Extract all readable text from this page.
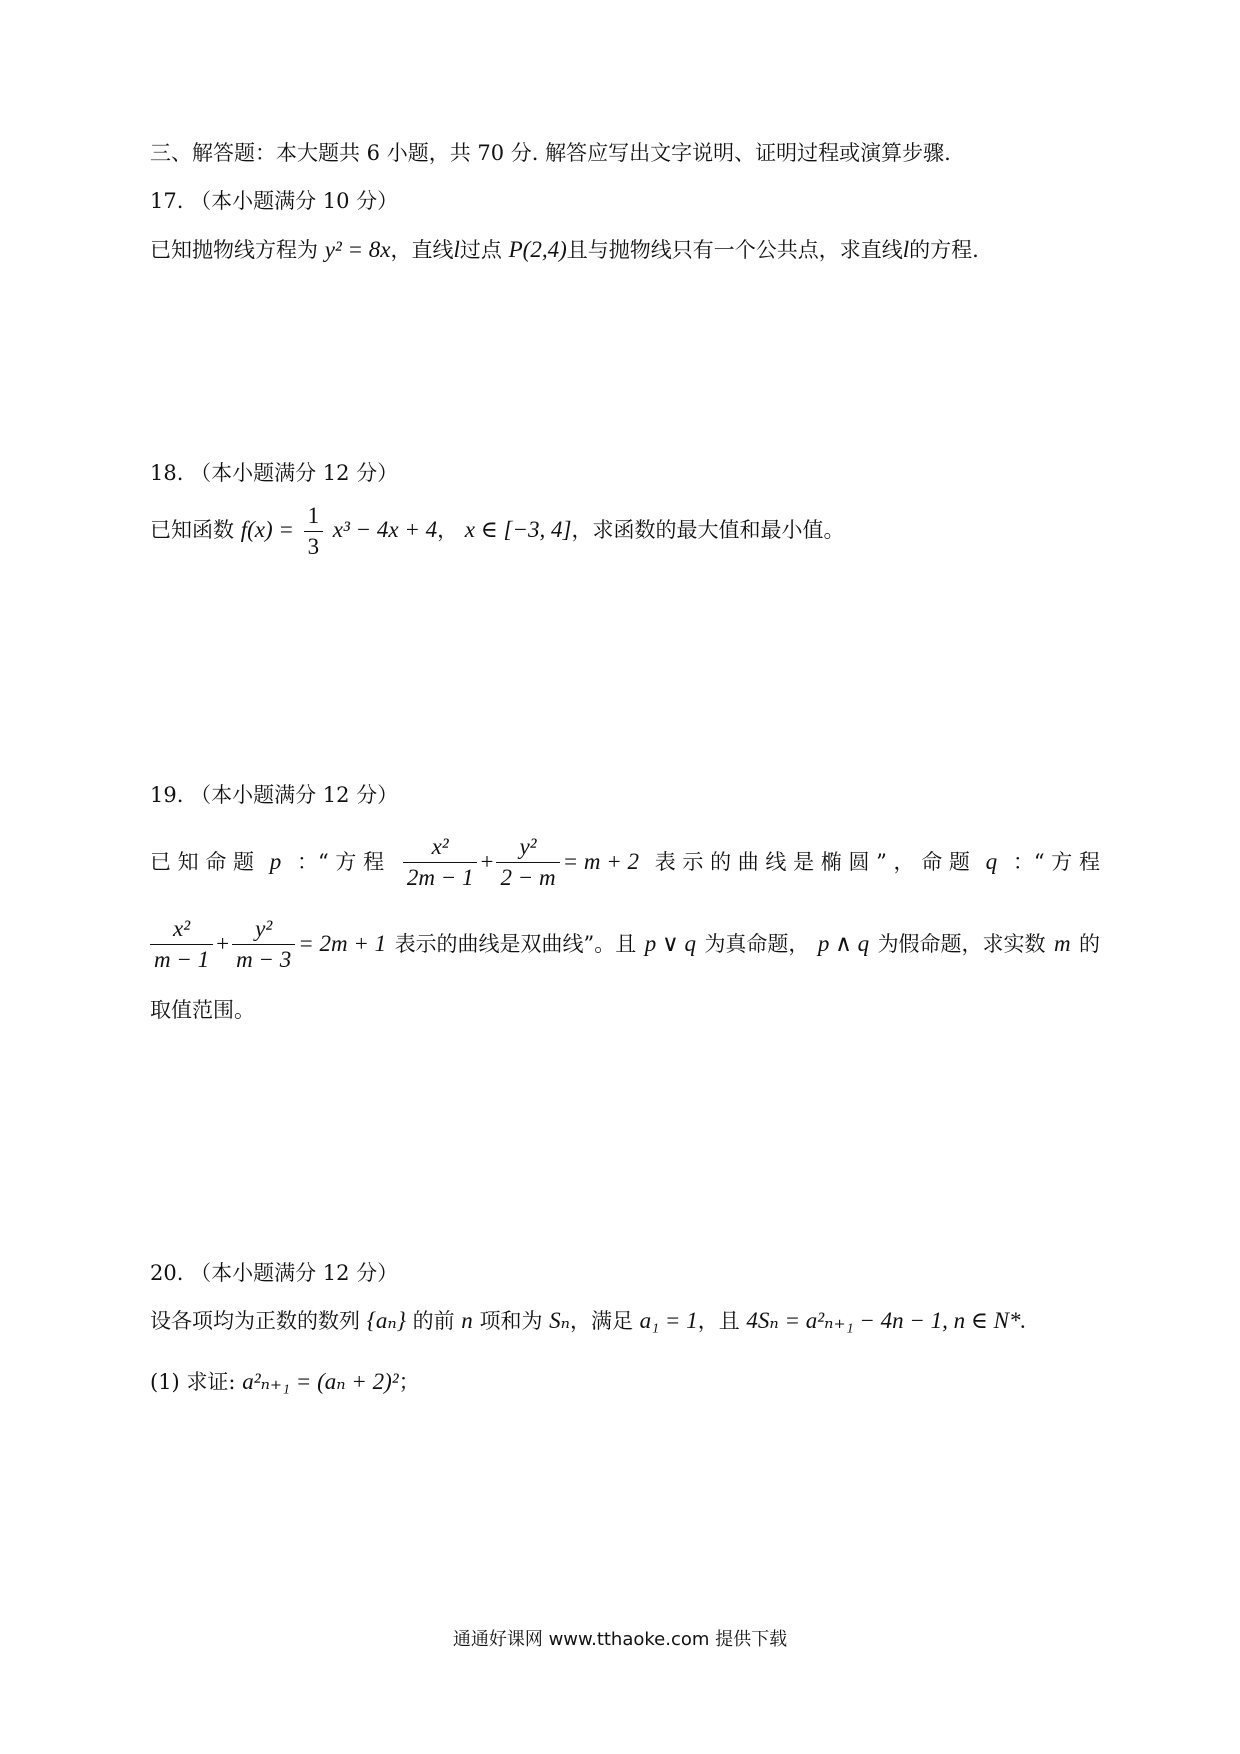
三、解答题：本大题共 6 小题，共 70 分. 解答应写出文字说明、证明过程或演算步骤.
17. （本小题满分 10 分）
已知抛物线方程为 y² = 8x，直线l过点 P(2,4)且与抛物线只有一个公共点，求直线l的方程.
18. （本小题满分 12 分）
已知函数 $f(x) = \frac{1}{3} x^3 - 4x + 4$， x ∈ [−3, 4]，求函数的最大值和最小值。
19. （本小题满分 12 分）
已 知 命 题 p ：“ 方 程 $\frac{\text{x²}}{2m - 1} + \frac{\text{y²}}{2 - m} = m + 2$ 表 示 的 曲 线 是 椭 圆 ” ， 命 题 q ：“ 方 程
$\frac{\text{x²}}{m - 1} + \frac{\text{y²}}{m - 3} = 2m + 1$ 表示的曲线是双曲线”。且 p ∨ q 为真命题， p ∧ q 为假命题，求实数 m 的
取值范围。
20. （本小题满分 12 分）
设各项均为正数的数列 {aₙ} 的前 n 项和为 Sₙ，满足 a₁ = 1，且 4Sₙ = a²ₙ₊₁ − 4n − 1, n ∈ N*.
(1) 求证: a²ₙ₊₁ = (aₙ + 2)²；
通通好课网 www.tthaoke.com 提供下载
